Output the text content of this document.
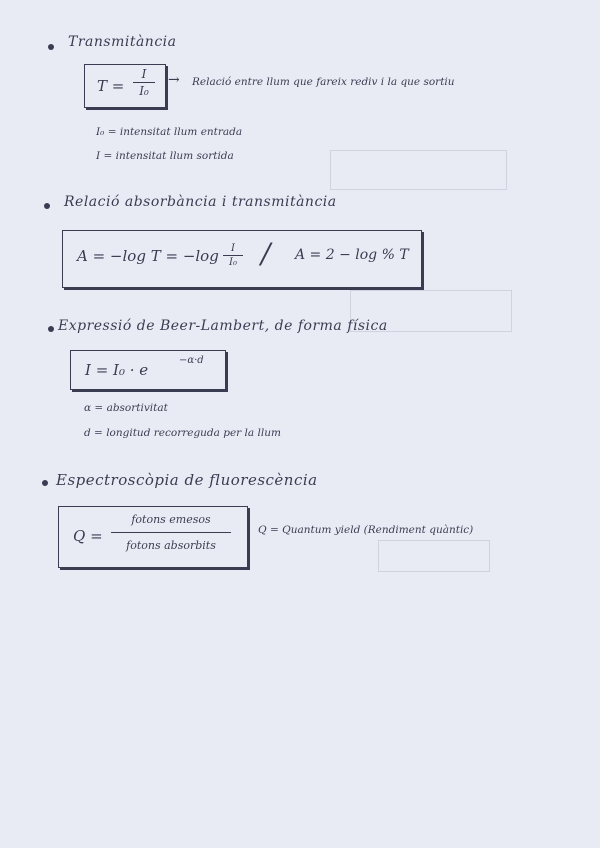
Transmitància
T =
I
I₀
→ Relació entre llum que fareix rediv i la que sortiu
I₀ = intensitat llum entrada
I = intensitat llum sortida
Relació absorbància i transmitància
A = −log T = −log	I
I₀ / A = 2 − log % T
Expressió de Beer-Lambert, de forma física
I = I₀ · e
−α·d
α = absortivitat
d = longitud recorreguda per la llum
Espectroscòpia de fluorescència
Q =
fotons emesos
fotons absorbits
Q = Quantum yield (Rendiment quàntic)
